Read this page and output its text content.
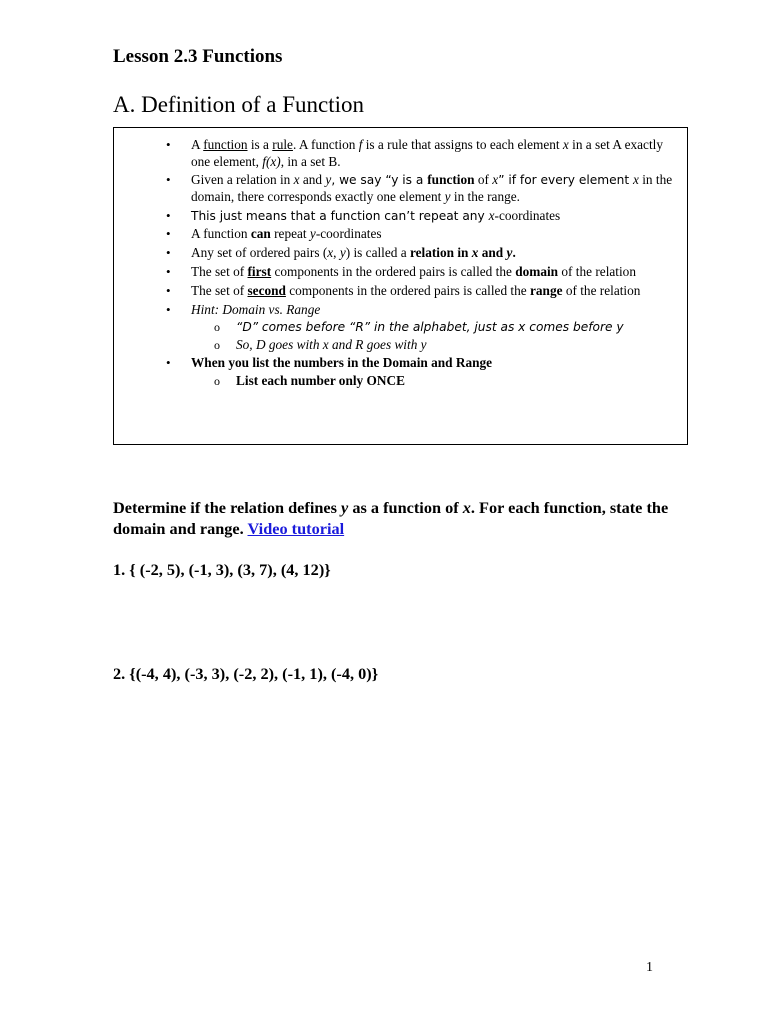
Lesson 2.3 Functions
A. Definition of a Function
• A function is a rule. A function f is a rule that assigns to each element x in a set A exactly one element, f(x), in a set B.
• Given a relation in x and y, we say “y is a function of x” if for every element x in the domain, there corresponds exactly one element y in the range.
• This just means that a function can’t repeat any x-coordinates
• A function can repeat y-coordinates
• Any set of ordered pairs (x, y) is called a relation in x and y.
• The set of first components in the ordered pairs is called the domain of the relation
• The set of second components in the ordered pairs is called the range of the relation
• Hint: Domain vs. Range
o “D” comes before “R” in the alphabet, just as x comes before y
o So, D goes with x and R goes with y
• When you list the numbers in the Domain and Range
o List each number only ONCE
Determine if the relation defines y as a function of x. For each function, state the domain and range. Video tutorial
1. { (-2, 5), (-1, 3), (3, 7), (4, 12)}
2. {(-4, 4), (-3, 3), (-2, 2), (-1, 1), (-4, 0)}
1
